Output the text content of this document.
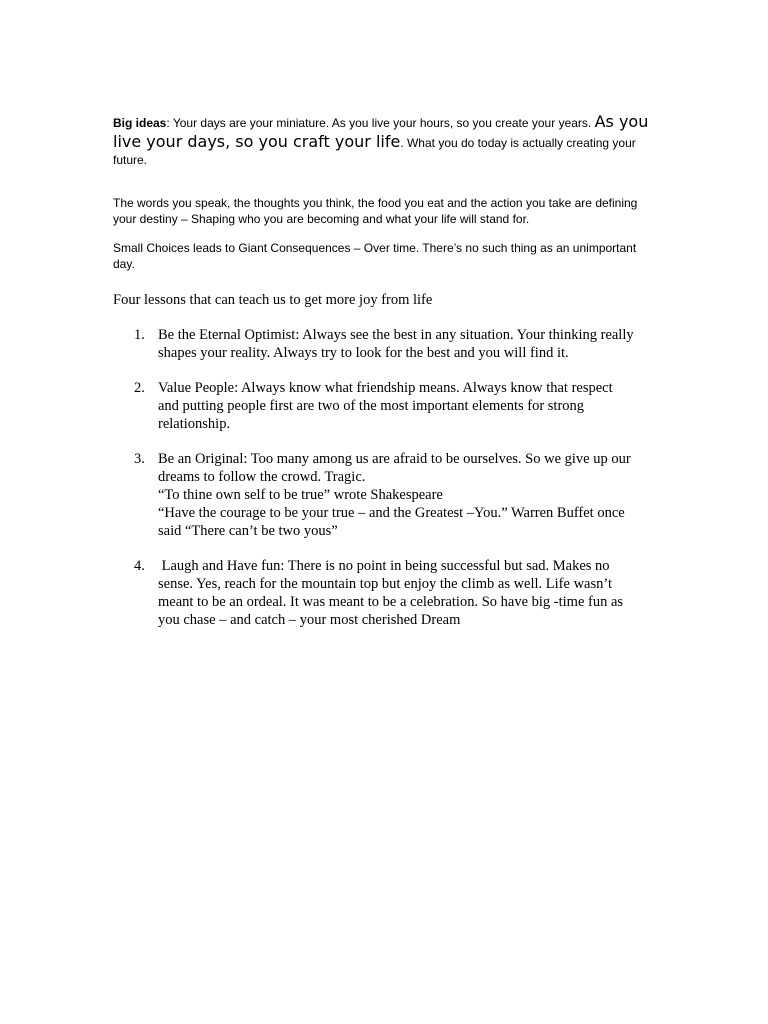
Big ideas: Your days are your miniature. As you live your hours, so you create your years. As you live your days, so you craft your life. What you do today is actually creating your future.

The words you speak, the thoughts you think, the food you eat and the action you take are defining your destiny – Shaping who you are becoming and what your life will stand for.

Small Choices leads to Giant Consequences – Over time. There’s no such thing as an unimportant day.

Four lessons that can teach us to get more joy from life

1. Be the Eternal Optimist: Always see the best in any situation. Your thinking really
shapes your reality. Always try to look for the best and you will find it.
2. Value People: Always know what friendship means. Always know that respect
and putting people first are two of the most important elements for strong
relationship.
3. Be an Original: Too many among us are afraid to be ourselves. So we give up our
dreams to follow the crowd. Tragic.
“To thine own self to be true” wrote Shakespeare
“Have the courage to be your true – and the Greatest –You.” Warren Buffet once
said “There can’t be two yous”
4. Laugh and Have fun: There is no point in being successful but sad. Makes no
sense. Yes, reach for the mountain top but enjoy the climb as well. Life wasn’t
meant to be an ordeal. It was meant to be a celebration. So have big -time fun as
you chase – and catch – your most cherished Dream
